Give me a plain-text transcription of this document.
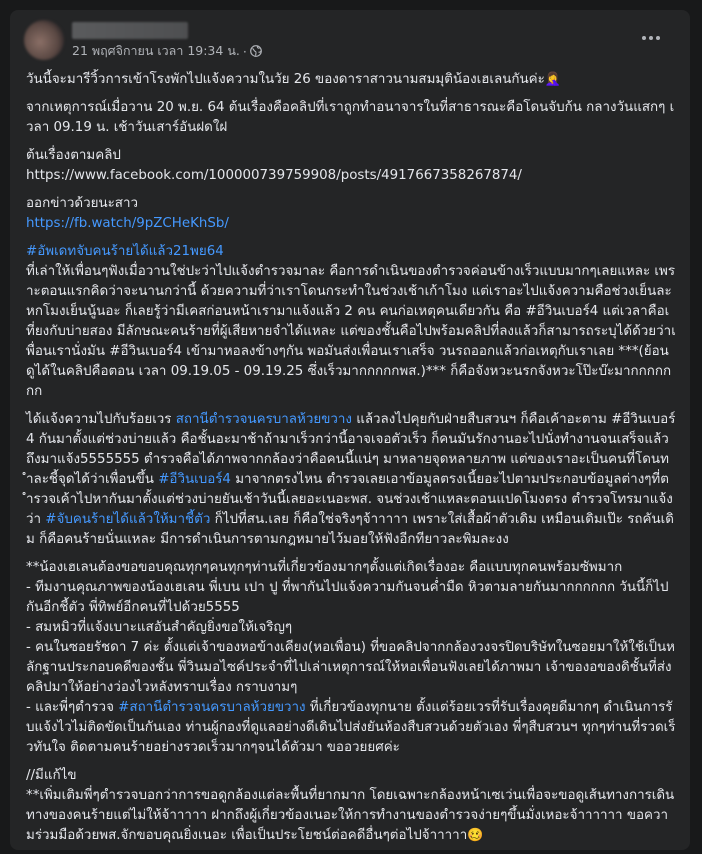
21 พฤศจิกายน เวลา 19:34 น. ·

วันนี้จะมารีวิ้วการเข้าโรงพักไปแจ้งความในวัย 26 ของดาราสาวนามสมมุติน้องเฮเลนกันค่ะ🤦‍♀️

จากเหตุการณ์เมื่อวาน 20 พ.ย. 64 ต้นเรื่องคือคลิปที่เราถูกทำอนาจารในที่สาธารณะคือโดนจับก้น กลางวันแสกๆ เวลา 09.19 น. เช้าวันเสาร์อันฝดใฝ

ต้นเรื่องตามคลิป
https://www.facebook.com/100000739759908/posts/4917667358267874/

ออกข่าวด้วยนะสาว
https://fb.watch/9pZCHeKhSb/

#อัพเดทจับคนร้ายได้แล้ว21พย64
ที่เล่าให้เพื่อนๆฟังเมื่อวานใช่ปะว่าไปแจ้งตำรวจมาละ คือการดำเนินของตำรวจค่อนข้างเร็วแบบมากๆเลยแหละ เพราะตอนแรกคิดว่าจะนานกว่านี้ ด้วยความที่ว่าเราโดนกระทำในช่วงเช้าเก้าโมง แต่เราอะไปแจ้งความคือช่วงเย็นละหกโมงเย็นนู้นอะ ก็เลยรู้ว่ามีเคสก่อนหน้าเรามาแจ้งแล้ว 2 คน คนก่อเหตุคนเดียวกัน คือ #อีวินเบอร์4 แต่เวลาคือเที่ยงกับบ่ายสอง มีลักษณะคนร้ายที่ผู้เสียหายจำได้แหละ แต่ของชั้นคือไปพร้อมคลิปที่ลงแล้วก็สามารถระบุได้ด้วยว่าเพื่อนเรานั่งมัน #อีวินเบอร์4 เข้ามาหอลงข้างๆกัน พอมันส่งเพื่อนเราเสร็จ วนรถออกแล้วก่อเหตุกับเราเลย ***(ย้อนดูได้ในคลิปคือตอน เวลา 09.19.05 - 09.19.25 ซึ่งเร็วมากกกกกพส.)*** ก็คือจังหวะนรกจังหวะโป๊ะบ๊ะมากกกกกกก

ได้แจ้งความไปกับร้อยเวร สถานีตำรวจนครบาลห้วยขวาง แล้วลงไปคุยกับฝ่ายสืบสวนฯ ก็คือเค้าอะตาม #อีวินเบอร์4 กันมาตั้งแต่ช่วงบ่ายแล้ว คือชั้นอะมาช้าถ้ามาเร็วกว่านี้อาจเจอตัวเร็ว ก็คนมันรักงานอะไปนั่งทำงานจนเสร็จแล้วถึงมาแจ้ง5555555 ตำรวจคือได้ภาพจากกล้องว่าคือคนนี้แน่ๆ มาหลายจุดหลายภาพ แต่ของเราอะเป็นคนที่โดนทำละชี้จุดได้ว่าเพื่อนขึ้น #อีวินเบอร์4 มาจากตรงไหน ตำรวจเลยเอาข้อมูลตรงเนี้ยอะไปตามประกอบข้อมูลต่างๆที่ตำรวจเค้าไปหากันมาตั้งแต่ช่วงบ่ายยันเช้าวันนี้เลยอะเนอะพส. จนช่วงเช้าแหละตอนแปดโมงตรง ตำรวจโทรมาแจ้งว่า #จับคนร้ายได้แล้วให้มาชี้ตัว ก็ไปที่สน.เลย ก็คือใช่จริงๆจ้าาาาา เพราะใส่เสื้อผ้าตัวเดิม เหมือนเดิมเป๊ะ รถคันเดิม ก็คือคนร้ายนั่นแหละ มีการดำเนินการตามกฎหมายไว้มอยให้ฟังอีกทียาวละพิมละงง

**น้องเฮเลนต้องขอขอบคุณทุกๆคนทุกๆท่านที่เกี่ยวข้องมากๆตั้งแต่เกิดเรื่องอะ คือแบบทุกคนพร้อมซัพมาก
- ทีมงานคุณภาพของน้องเฮเลน พี่เบน เปา ปู ที่พากันไปแจ้งความกันจนค่ำมืด หิวตามลายกันมากกกกกก วันนี้ก็ไปกันอีกชี้ตัว พี่ทิพย์อีกคนที่ไปด้วย5555
- สมหมิวที่แจ้งเบาะแสอันสำคัญยิ่งขอให้เจริญๆ
- คนในซอยรัชดา 7 ค่ะ ตั้งแต่เจ้าของหอข้างเคียง(หอเพื่อน) ที่ขอคลิปจากกล้องวงจรปิดบริษัทในซอยมาให้ใช้เป็นหลักฐานประกอบคดีของชั้น พี่วินมอไซค์ประจำที่ไปเล่าเหตุการณ์ให้หอเพื่อนฟังเลยได้ภาพมา เจ้าของอของดิชั้นที่ส่งคลิปมาให้อย่างว่องไวหลังทราบเรื่อง กราบงามๆ
- และพี่ๆตำรวจ #สถานีตำรวจนครบาลห้วยขวาง ที่เกี่ยวข้องทุกนาย ตั้งแต่ร้อยเวรที่รับเรื่องคุยดีมากๆ ดำเนินการรับแจ้งไวไม่ติดขัดเป็นกันเอง ท่านผู้กองที่ดูแลอย่างดีเดินไปส่งยันห้องสืบสวนด้วยตัวเอง พี่ๆสืบสวนฯ ทุกๆท่านที่รวดเร็วทันใจ ติดตามคนร้ายอย่างรวดเร็วมากๆจนได้ตัวมา ขออวยยศค่ะ

//มีแก้ไข
**เพิ่มเติมพี่ๆตำรวจบอกว่าการขอดูกล้องแต่ละพื้นที่ยากมาก โดยเฉพาะกล้องหน้าเซเว่นเพื่อจะขอดูเส้นทางการเดินทางของคนร้ายแต่ไม่ให้จ้าาาาา ฝากถึงผู้เกี่ยวข้องเนอะให้การทำงานของตำรวจง่ายๆขึ้นมั่งเหอะจ้าาาาาา ขอความร่วมมือด้วยพส.จักขอบคุณยิ่งเนอะ เพื่อเป็นประโยชน์ต่อคดีอื่นๆต่อไปจ้าาาาา🥴
